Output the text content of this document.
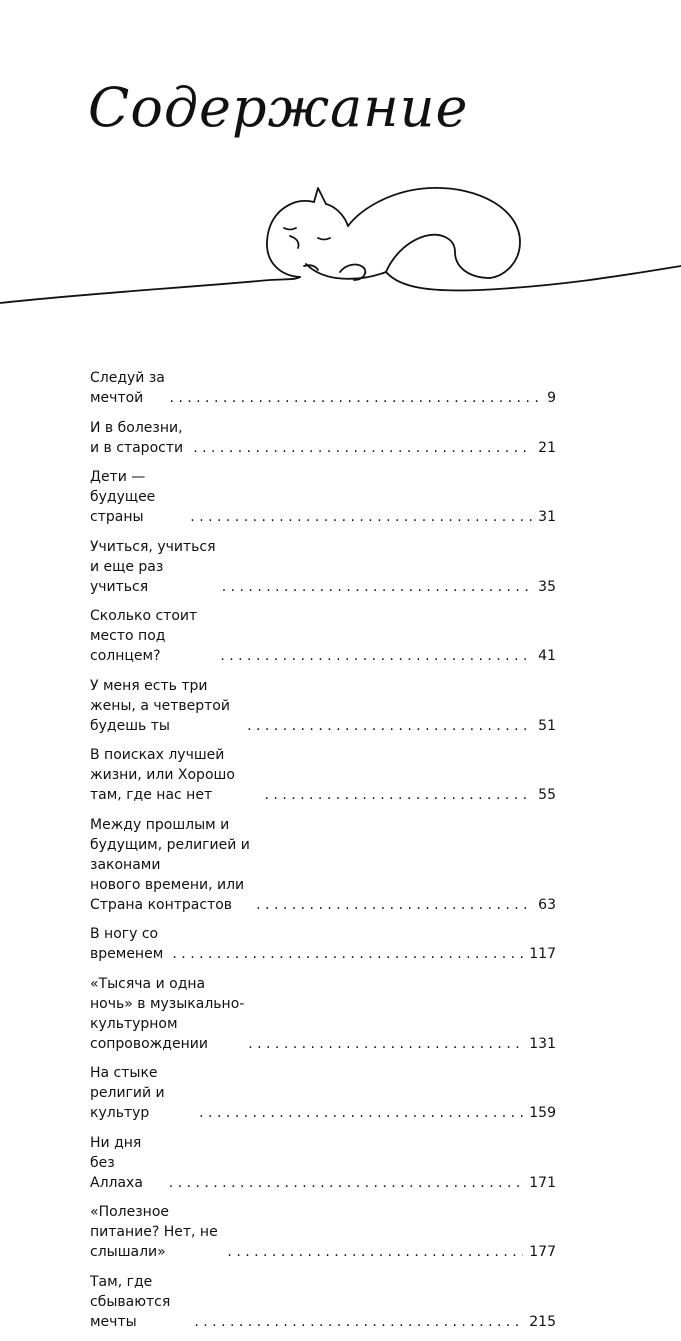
Содержание
Следуй за мечтой . . .	9
И в болезни, и в старости . . .	21
Дети — будущее страны . . .	31
Учиться, учиться и еще раз учиться . . .	35
Сколько стоит место под солнцем? . . .	41
У меня есть три жены, а четвертой будешь ты . . .	51
В поисках лучшей жизни, или Хорошо там, где нас нет . . .	55
Между прошлым и будущим, религией и законами
нового времени, или Страна контрастов . . .	63
В ногу со временем . . .	117
«Тысяча и одна ночь» в музыкально-культурном
сопровождении . . .	131
На стыке религий и культур . . .	159
Ни дня без Аллаха . . .	171
«Полезное питание? Нет, не слышали» . . .	177
Там, где сбываются мечты . . .	215
